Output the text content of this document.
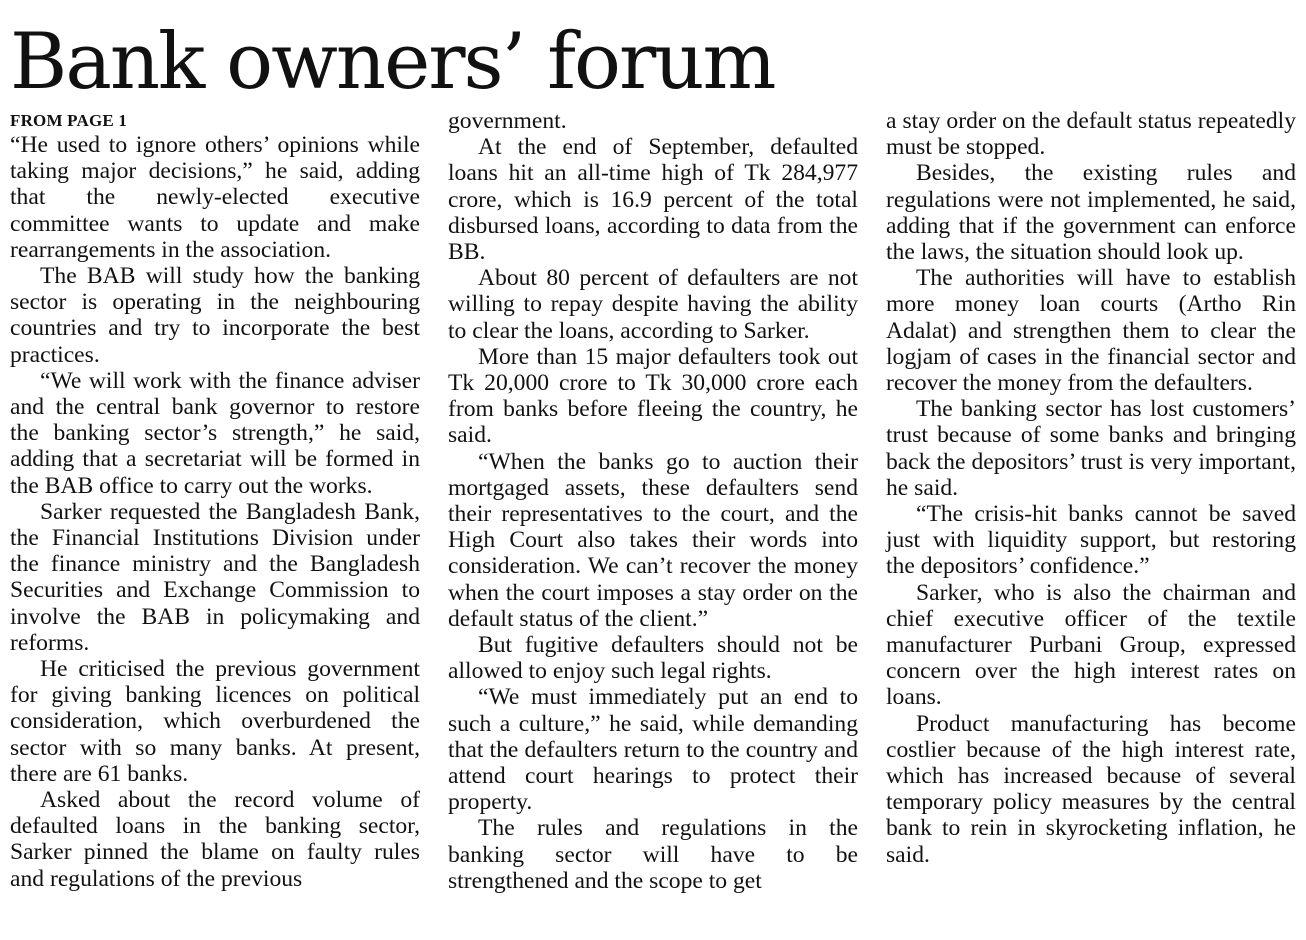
Bank owners’ forum

FROM PAGE 1

“He used to ignore others’ opinions while taking major decisions,” he said, adding that the newly-elected executive committee wants to update and make rearrangements in the association.

The BAB will study how the banking sector is operating in the neighbouring countries and try to incorporate the best practices.

“We will work with the finance adviser and the central bank governor to restore the banking sector’s strength,” he said, adding that a secretariat will be formed in the BAB office to carry out the works.

Sarker requested the Bangladesh Bank, the Financial Institutions Division under the finance ministry and the Bangladesh Securities and Exchange Commission to involve the BAB in policymaking and reforms.

He criticised the previous government for giving banking licences on political consideration, which overburdened the sector with so many banks. At present, there are 61 banks.

Asked about the record volume of defaulted loans in the banking sector, Sarker pinned the blame on faulty rules and regulations of the previous

government.

At the end of September, defaulted loans hit an all-time high of Tk 284,977 crore, which is 16.9 percent of the total disbursed loans, according to data from the BB.

About 80 percent of defaulters are not willing to repay despite having the ability to clear the loans, according to Sarker.

More than 15 major defaulters took out Tk 20,000 crore to Tk 30,000 crore each from banks before fleeing the country, he said.

“When the banks go to auction their mortgaged assets, these defaulters send their representatives to the court, and the High Court also takes their words into consideration. We can’t recover the money when the court imposes a stay order on the default status of the client.”

But fugitive defaulters should not be allowed to enjoy such legal rights.

“We must immediately put an end to such a culture,” he said, while demanding that the defaulters return to the country and attend court hearings to protect their property.

The rules and regulations in the banking sector will have to be strengthened and the scope to get

a stay order on the default status repeatedly must be stopped.

Besides, the existing rules and regulations were not implemented, he said, adding that if the government can enforce the laws, the situation should look up.

The authorities will have to establish more money loan courts (Artho Rin Adalat) and strengthen them to clear the logjam of cases in the financial sector and recover the money from the defaulters.

The banking sector has lost customers’ trust because of some banks and bringing back the depositors’ trust is very important, he said.

“The crisis-hit banks cannot be saved just with liquidity support, but restoring the depositors’ confidence.”

Sarker, who is also the chairman and chief executive officer of the textile manufacturer Purbani Group, expressed concern over the high interest rates on loans.

Product manufacturing has become costlier because of the high interest rate, which has increased because of several temporary policy measures by the central bank to rein in skyrocketing inflation, he said.
